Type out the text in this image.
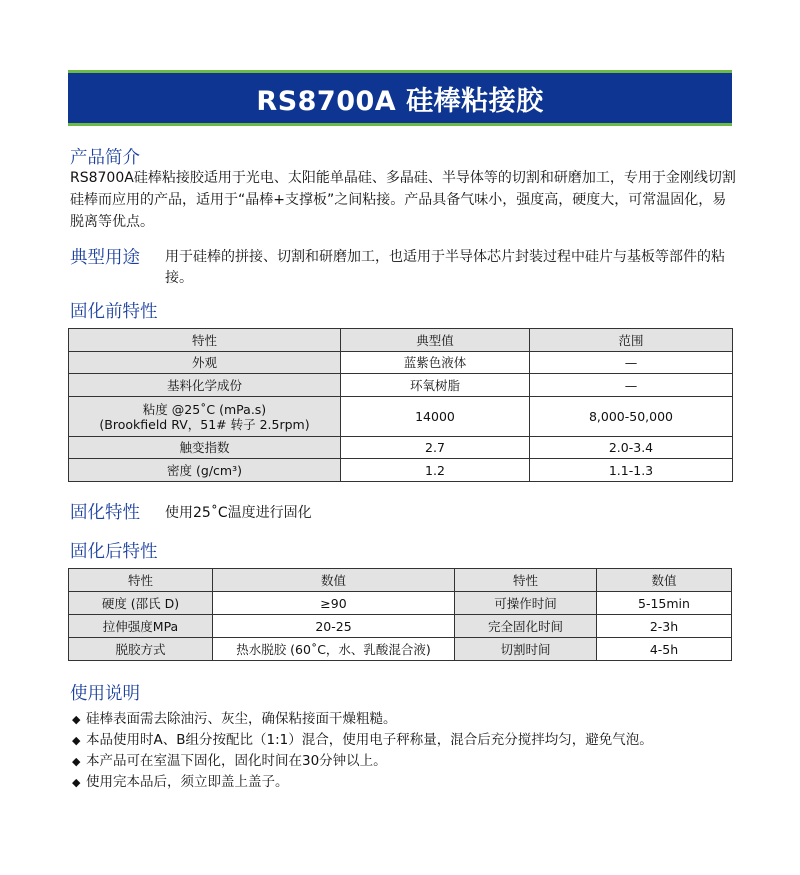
RS8700A 硅棒粘接胶
产品简介
RS8700A硅棒粘接胶适用于光电、太阳能单晶硅、多晶硅、半导体等的切割和研磨加工，专用于金刚线切割硅棒而应用的产品，适用于“晶棒+支撑板”之间粘接。产品具备气味小，强度高，硬度大，可常温固化，易脱离等优点。
典型用途 用于硅棒的拼接、切割和研磨加工，也适用于半导体芯片封装过程中硅片与基板等部件的粘接。
固化前特性
特性	典型值	范围
外观	蓝紫色液体	—
基料化学成份	环氧树脂	—

粘度 @25˚C (mPa.s)
(Brookfield RV，51# 转子 2.5rpm)	14000	8,000-50,000
触变指数	2.7	2.0-3.4
密度 (g/cm³)	1.2	1.1-1.3
固化特性 使用25˚C温度进行固化
固化后特性
特性	数值	特性	数值
硬度 (邵氏 D)	≥90	可操作时间	5-15min
拉伸强度MPa	20-25	完全固化时间	2-3h
脱胶方式	热水脱胶 (60˚C，水、乳酸混合液)	切割时间	4-5h
使用说明
◆ 硅棒表面需去除油污、灰尘，确保粘接面干燥粗糙。
◆ 本品使用时A、B组分按配比（1:1）混合，使用电子秤称量，混合后充分搅拌均匀，避免气泡。
◆ 本产品可在室温下固化，固化时间在30分钟以上。
◆ 使用完本品后，须立即盖上盖子。
